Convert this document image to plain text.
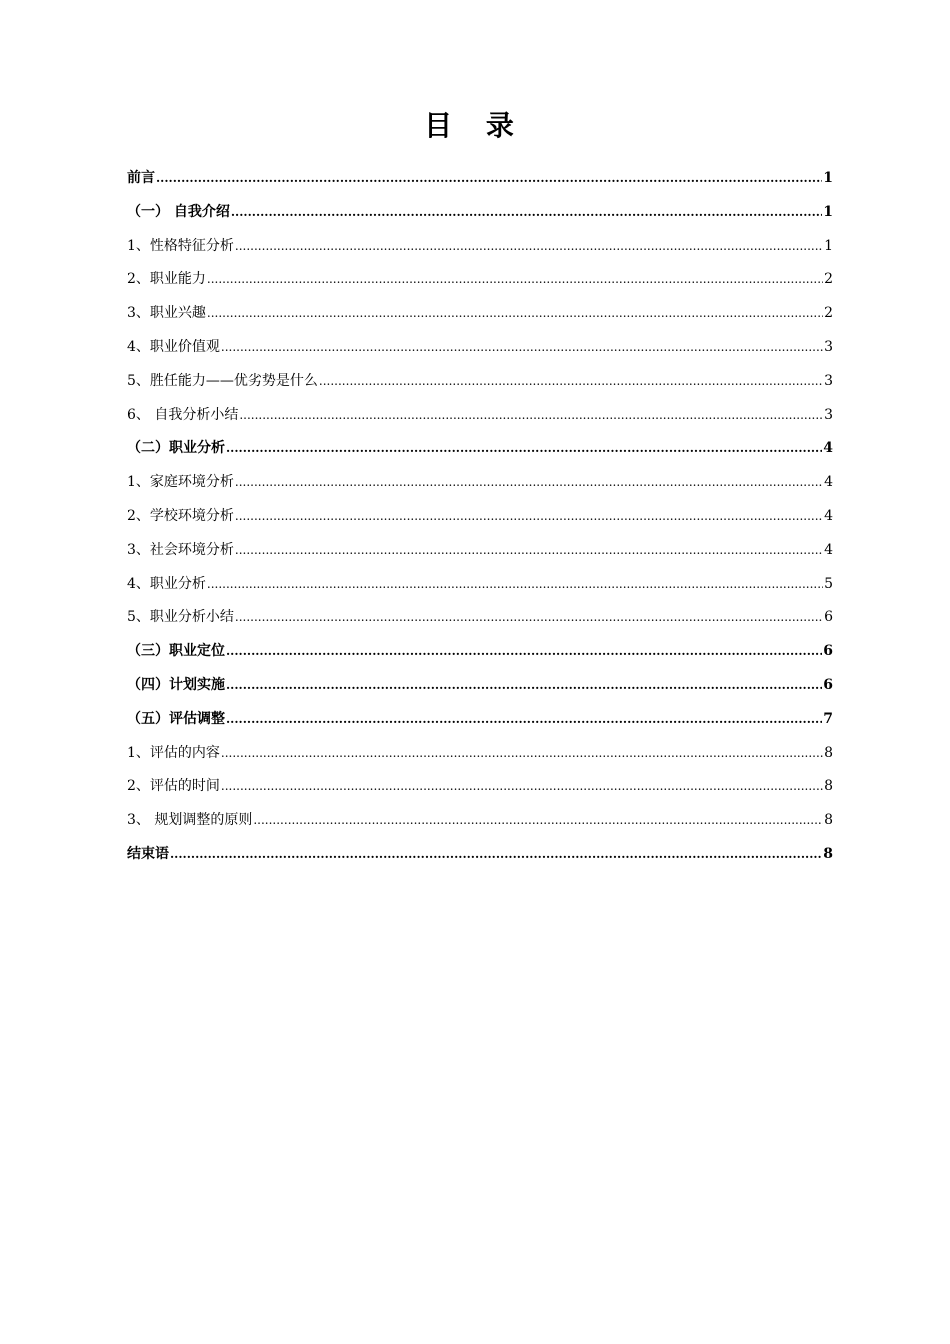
目 录
前言 .....	1
（一） 自我介绍 .....	1
1、性格特征分析 .....	1
2、职业能力 .....	2
3、职业兴趣 .....	2
4、职业价值观 .....	3
5、胜任能力——优劣势是什么 .....	3
6、 自我分析小结 .....	3
（二）职业分析 .....	4
1、家庭环境分析 .....	4
2、学校环境分析 .....	4
3、社会环境分析 .....	4
4、职业分析 .....	5
5、职业分析小结 .....	6
（三）职业定位 .....	6
（四）计划实施 .....	6
（五）评估调整 .....	7
1、评估的内容 .....	8
2、评估的时间 .....	8
3、 规划调整的原则 .....	8
结束语 .....	8
